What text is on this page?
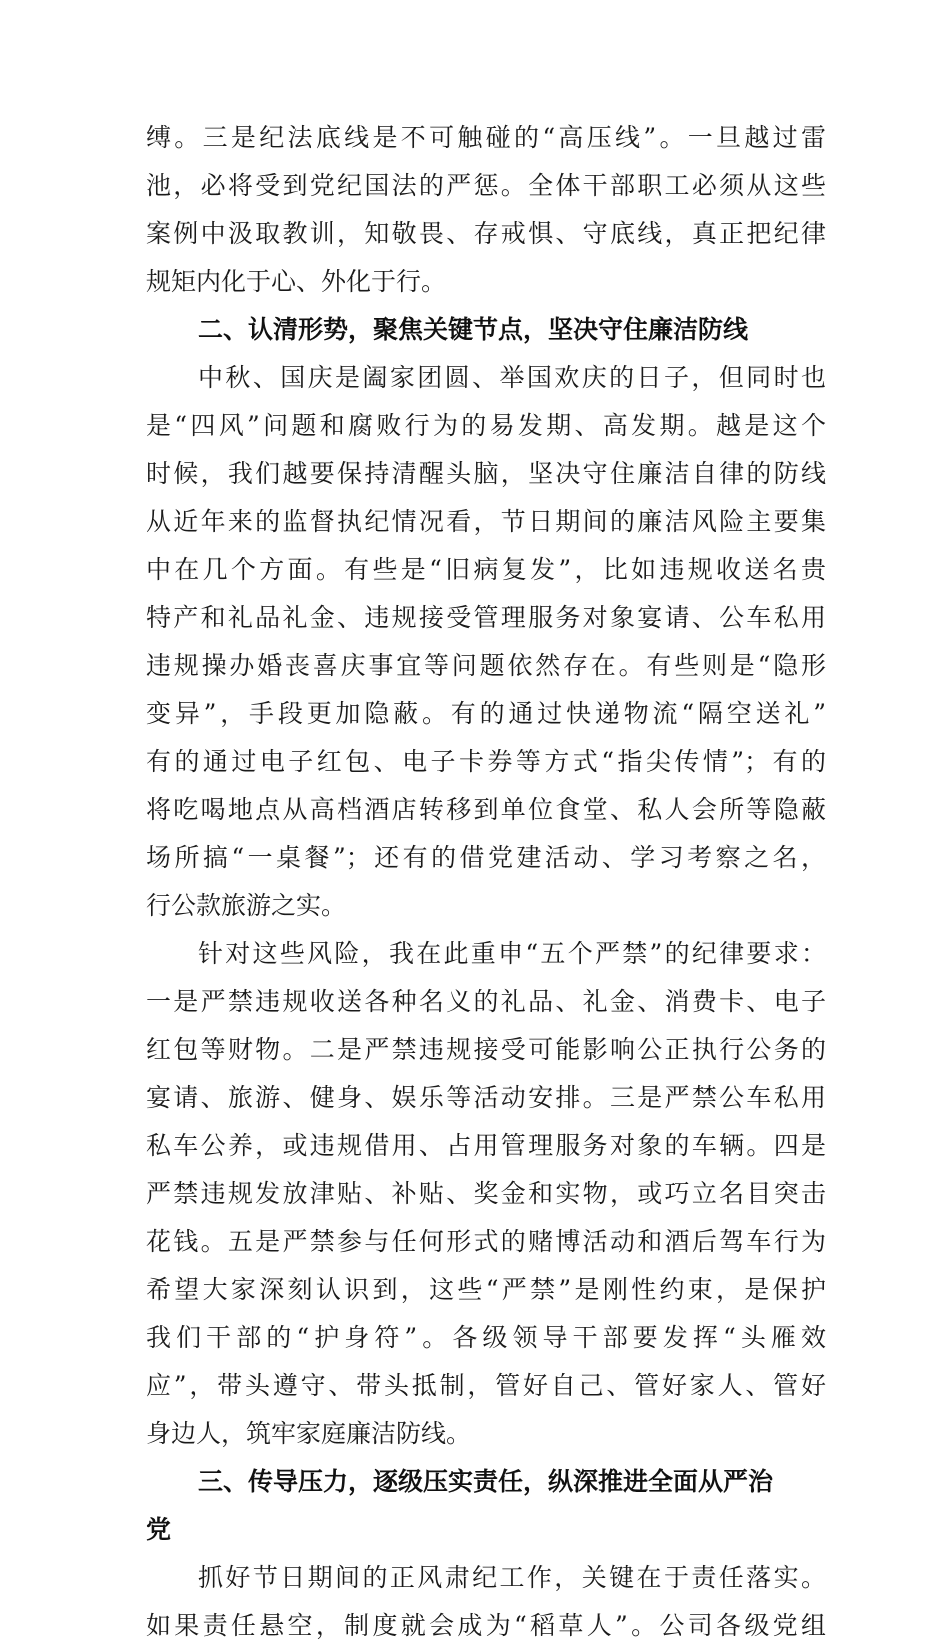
缚。三是纪法底线是不可触碰的“高压线”。一旦越过雷
池，必将受到党纪国法的严惩。全体干部职工必须从这些
案例中汲取教训，知敬畏、存戒惧、守底线，真正把纪律
规矩内化于心、外化于行。
二、认清形势，聚焦关键节点，坚决守住廉洁防线
中秋、国庆是阖家团圆、举国欢庆的日子，但同时也
是“四风”问题和腐败行为的易发期、高发期。越是这个
时候，我们越要保持清醒头脑，坚决守住廉洁自律的防线
从近年来的监督执纪情况看，节日期间的廉洁风险主要集
中在几个方面。有些是“旧病复发”，比如违规收送名贵
特产和礼品礼金、违规接受管理服务对象宴请、公车私用
违规操办婚丧喜庆事宜等问题依然存在。有些则是“隐形
变异”，手段更加隐蔽。有的通过快递物流“隔空送礼”
有的通过电子红包、电子卡券等方式“指尖传情”；有的
将吃喝地点从高档酒店转移到单位食堂、私人会所等隐蔽
场所搞“一桌餐”；还有的借党建活动、学习考察之名，
行公款旅游之实。
针对这些风险，我在此重申“五个严禁”的纪律要求：
一是严禁违规收送各种名义的礼品、礼金、消费卡、电子
红包等财物。二是严禁违规接受可能影响公正执行公务的
宴请、旅游、健身、娱乐等活动安排。三是严禁公车私用
私车公养，或违规借用、占用管理服务对象的车辆。四是
严禁违规发放津贴、补贴、奖金和实物，或巧立名目突击
花钱。五是严禁参与任何形式的赌博活动和酒后驾车行为
希望大家深刻认识到，这些“严禁”是刚性约束，是保护
我们干部的“护身符”。各级领导干部要发挥“头雁效
应”，带头遵守、带头抵制，管好自己、管好家人、管好
身边人，筑牢家庭廉洁防线。
三、传导压力，逐级压实责任，纵深推进全面从严治
党
抓好节日期间的正风肃纪工作，关键在于责任落实。
如果责任悬空，制度就会成为“稻草人”。公司各级党组
